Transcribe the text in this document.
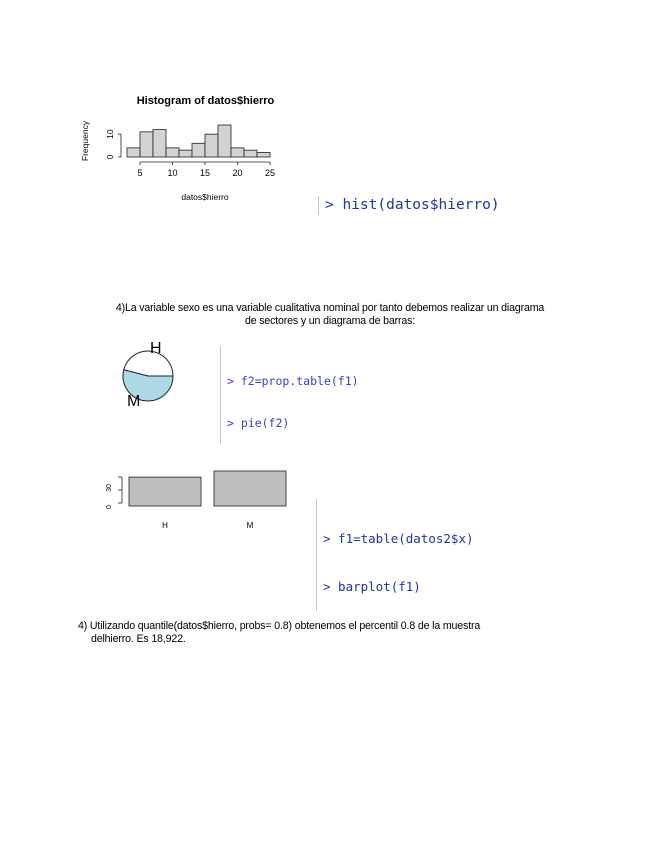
Histogram of datos$hierro
5	10 15 20 25
0
10
datos$hierro
Frequency
> hist(datos$hierro)
4)La variable sexo es una variable cualitativa nominal por tanto debemos realizar un diagrama
de sectores y un diagrama de barras:
H
M

> f2=prop.table(f1)

> pie(f2)

H	M
0
30

> f1=table(datos2$x)

> barplot(f1)

4) Utilizando quantile(datos$hierro, probs= 0.8) obtenemos el percentil 0.8 de la muestra
delhierro. Es 18,922.
